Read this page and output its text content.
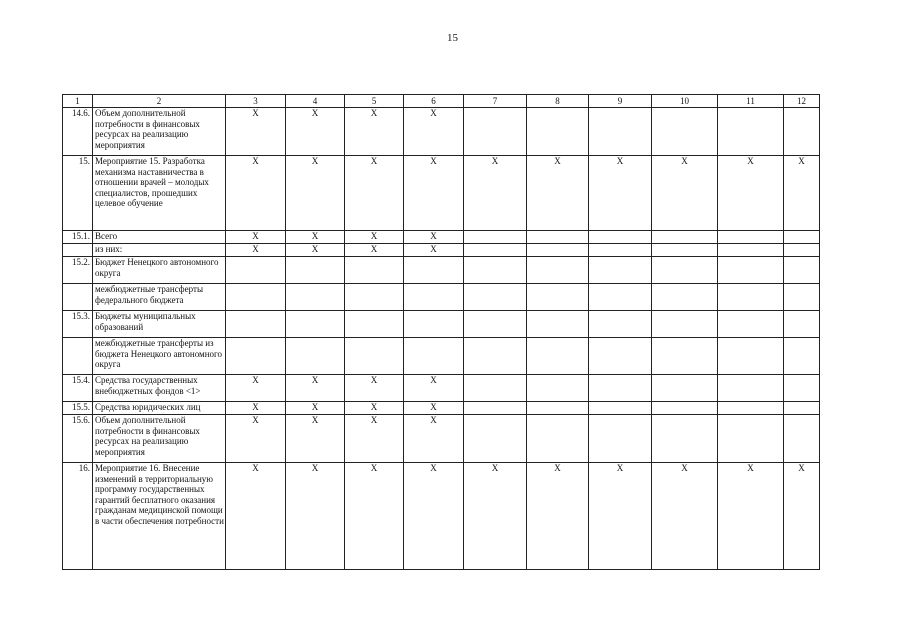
15
1	2	3	4	5	6	7	8	9	10	11	12
14.6.	Объем дополнительной потребности в финансовых ресурсах на реализацию мероприятия	X	X	X	X						
15.	Мероприятие 15. Разработка механизма наставничества в отношении врачей – молодых специалистов, прошедших целевое обучение	X	X	X	X	X	X	X	X	X	X
15.1.	Всего	X	X	X	X						
	из них:	X	X	X	X						
15.2.	Бюджет Ненецкого автономного округа										
	межбюджетные трансферты федерального бюджета										
15.3.	Бюджеты муниципальных образований										
	межбюджетные трансферты из бюджета Ненецкого автономного округа										
15.4.	Средства государственных внебюджетных фондов <1>	X	X	X	X						
15.5.	Средства юридических лиц	X	X	X	X						
15.6.	Объем дополнительной потребности в финансовых ресурсах на реализацию мероприятия	X	X	X	X						
16.	Мероприятие 16. Внесение изменений в территориальную программу государственных гарантий бесплатного оказания гражданам медицинской помощи в части обеспечения потребности	X	X	X	X	X	X	X	X	X	X
